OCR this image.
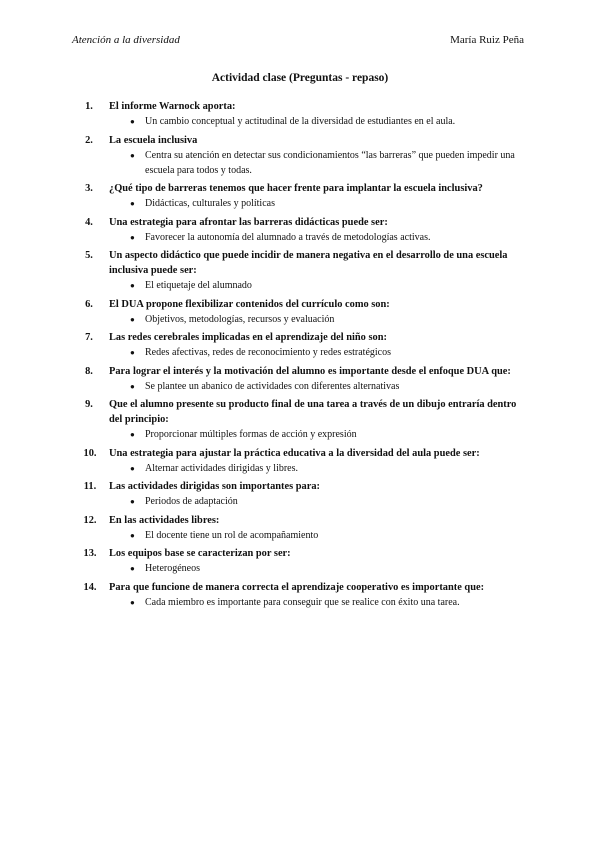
Atención a la diversidad	María Ruiz Peña
Actividad clase (Preguntas - repaso)
1. El informe Warnock aporta:
● Un cambio conceptual y actitudinal de la diversidad de estudiantes en el aula.
2. La escuela inclusiva
● Centra su atención en detectar sus condicionamientos “las barreras” que pueden impedir una escuela para todos y todas.
3. ¿Qué tipo de barreras tenemos que hacer frente para implantar la escuela inclusiva?
● Didácticas, culturales y políticas
4. Una estrategia para afrontar las barreras didácticas puede ser:
● Favorecer la autonomía del alumnado a través de metodologías activas.
5. Un aspecto didáctico que puede incidir de manera negativa en el desarrollo de una escuela inclusiva puede ser:
● El etiquetaje del alumnado
6. El DUA propone flexibilizar contenidos del currículo como son:
● Objetivos, metodologías, recursos y evaluación
7. Las redes cerebrales implicadas en el aprendizaje del niño son:
● Redes afectivas, redes de reconocimiento y redes estratégicos
8. Para lograr el interés y la motivación del alumno es importante desde el enfoque DUA que:
● Se plantee un abanico de actividades con diferentes alternativas
9. Que el alumno presente su producto final de una tarea a través de un dibujo entraría dentro del principio:
● Proporcionar múltiples formas de acción y expresión
10. Una estrategia para ajustar la práctica educativa a la diversidad del aula puede ser:
● Alternar actividades dirigidas y libres.
11. Las actividades dirigidas son importantes para:
● Periodos de adaptación
12. En las actividades libres:
● El docente tiene un rol de acompañamiento
13. Los equipos base se caracterizan por ser:
● Heterogéneos
14. Para que funcione de manera correcta el aprendizaje cooperativo es importante que:
● Cada miembro es importante para conseguir que se realice con éxito una tarea.
